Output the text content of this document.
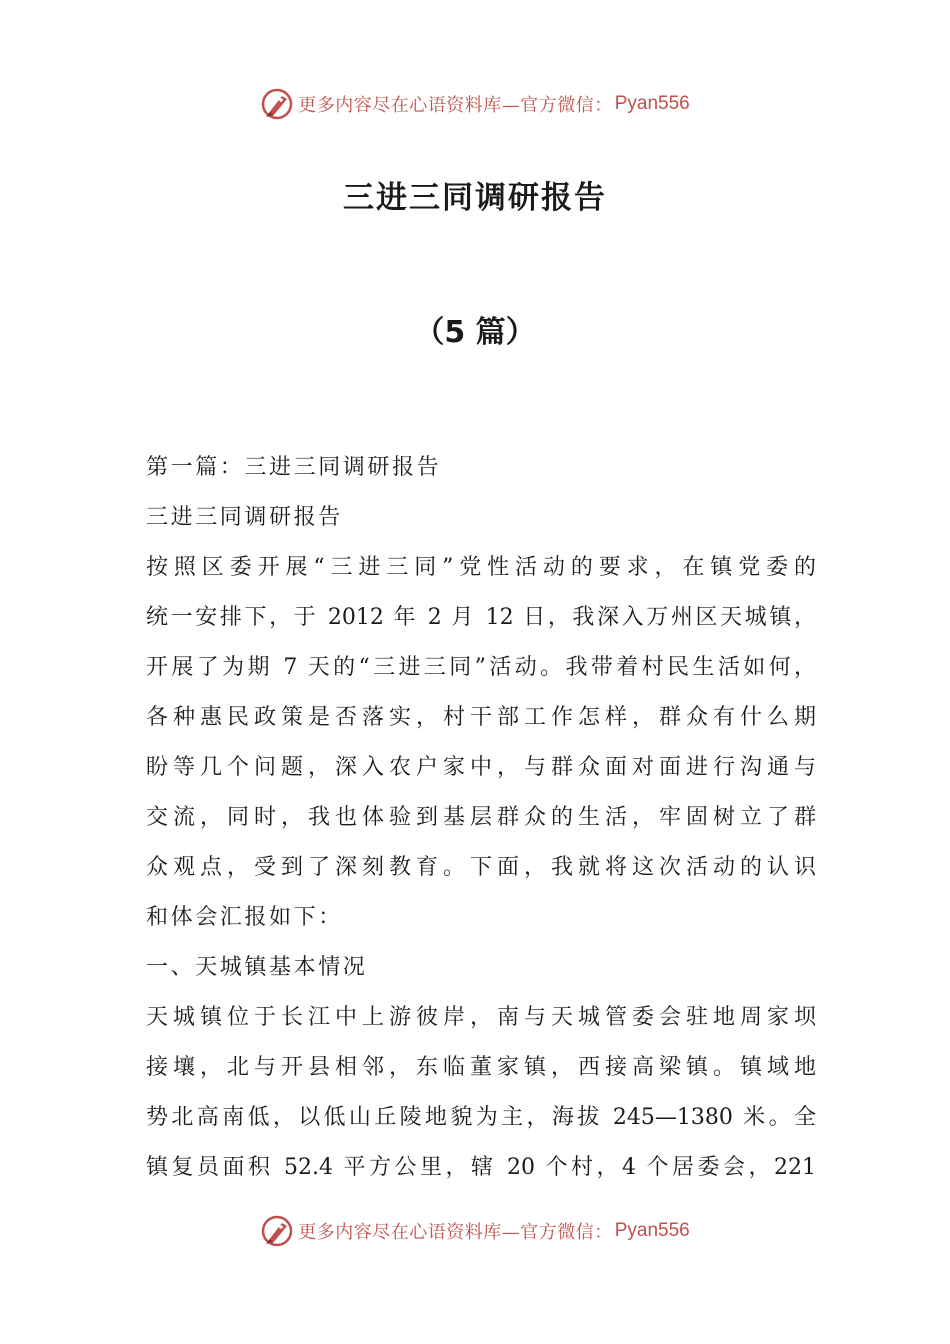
更多内容尽在心语资料库—官方微信： Pyan556
三进三同调研报告
（5 篇）
第一篇：三进三同调研报告
三进三同调研报告
按照区委开展“三进三同”党性活动的要求，在镇党委的
统一安排下，于 2012 年 2 月 12 日，我深入万州区天城镇，
开展了为期 7 天的“三进三同”活动。我带着村民生活如何，
各种惠民政策是否落实，村干部工作怎样，群众有什么期
盼等几个问题，深入农户家中，与群众面对面进行沟通与
交流，同时，我也体验到基层群众的生活，牢固树立了群
众观点，受到了深刻教育。下面，我就将这次活动的认识
和体会汇报如下：
一、天城镇基本情况
天城镇位于长江中上游彼岸，南与天城管委会驻地周家坝
接壤，北与开县相邻，东临董家镇，西接高梁镇。镇域地
势北高南低，以低山丘陵地貌为主，海拔 245—1380 米。全
镇复员面积 52.4 平方公里，辖 20 个村，4 个居委会，221
更多内容尽在心语资料库—官方微信： Pyan556
